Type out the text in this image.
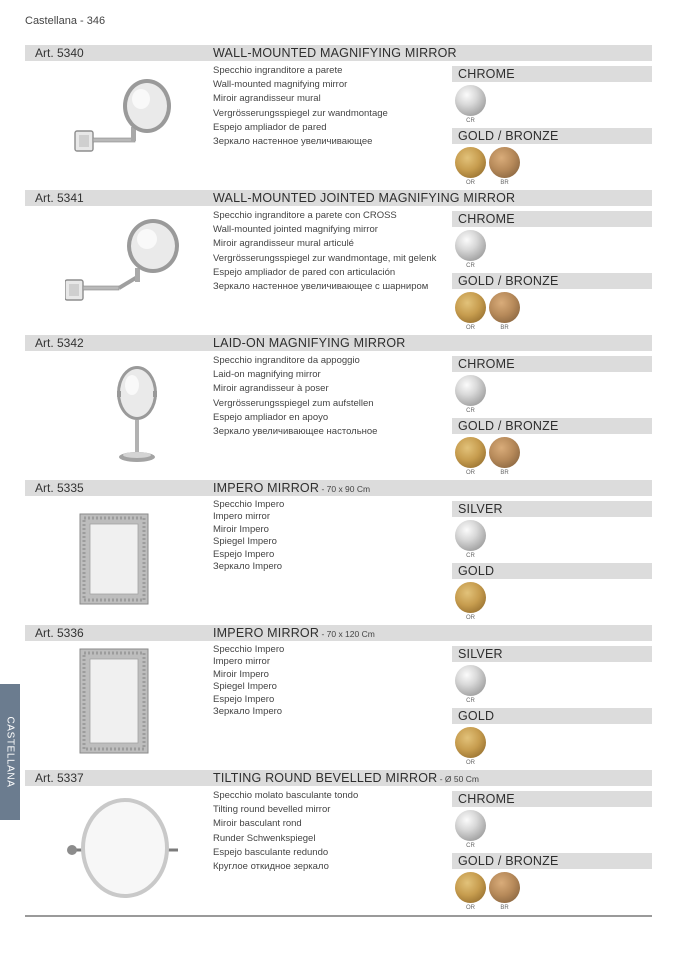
Castellana - 346
Art. 5340	WALL-MOUNTED MAGNIFYING MIRROR
Specchio ingranditore a parete
Wall-mounted magnifying mirror
Miroir agrandisseur mural
Vergrösserungsspiegel zur wandmontage
Espejo ampliador de pared
Зеркало настенное увеличивающее
CHROME
CR
GOLD / BRONZE
OR	BR
Art. 5341	WALL-MOUNTED JOINTED MAGNIFYING MIRROR
Specchio ingranditore a parete con CROSS
Wall-mounted jointed magnifying mirror
Miroir agrandisseur mural articulé
Vergrösserungsspiegel zur wandmontage, mit gelenk
Espejo ampliador de pared con articulación
Зеркало настенное увеличивающее с шарниром
CHROME
CR
GOLD / BRONZE
OR	BR
Art. 5342	LAID-ON MAGNIFYING MIRROR
Specchio ingranditore da appoggio
Laid-on magnifying mirror
Miroir agrandisseur à poser
Vergrösserungsspiegel zum aufstellen
Espejo ampliador en apoyo
Зеркало увеличивающее настольное
CHROME
CR
GOLD / BRONZE
OR	BR
Art. 5335	IMPERO MIRROR - 70 x 90 Cm
Specchio Impero
Impero mirror
Miroir Impero
Spiegel Impero
Espejo Impero
Зеркало Impero
SILVER
CR
GOLD
OR
Art. 5336	IMPERO MIRROR - 70 x 120 Cm
Specchio Impero
Impero mirror
Miroir Impero
Spiegel Impero
Espejo Impero
Зеркало Impero
SILVER
CR
GOLD
OR
Art. 5337	TILTING ROUND BEVELLED MIRROR - Ø 50 Cm
Specchio molato basculante tondo
Tilting round bevelled mirror
Miroir basculant rond
Runder Schwenkspiegel
Espejo basculante redundo
Круглое откидное зеркало
CHROME
CR
GOLD / BRONZE
OR	BR
CASTELLANA
